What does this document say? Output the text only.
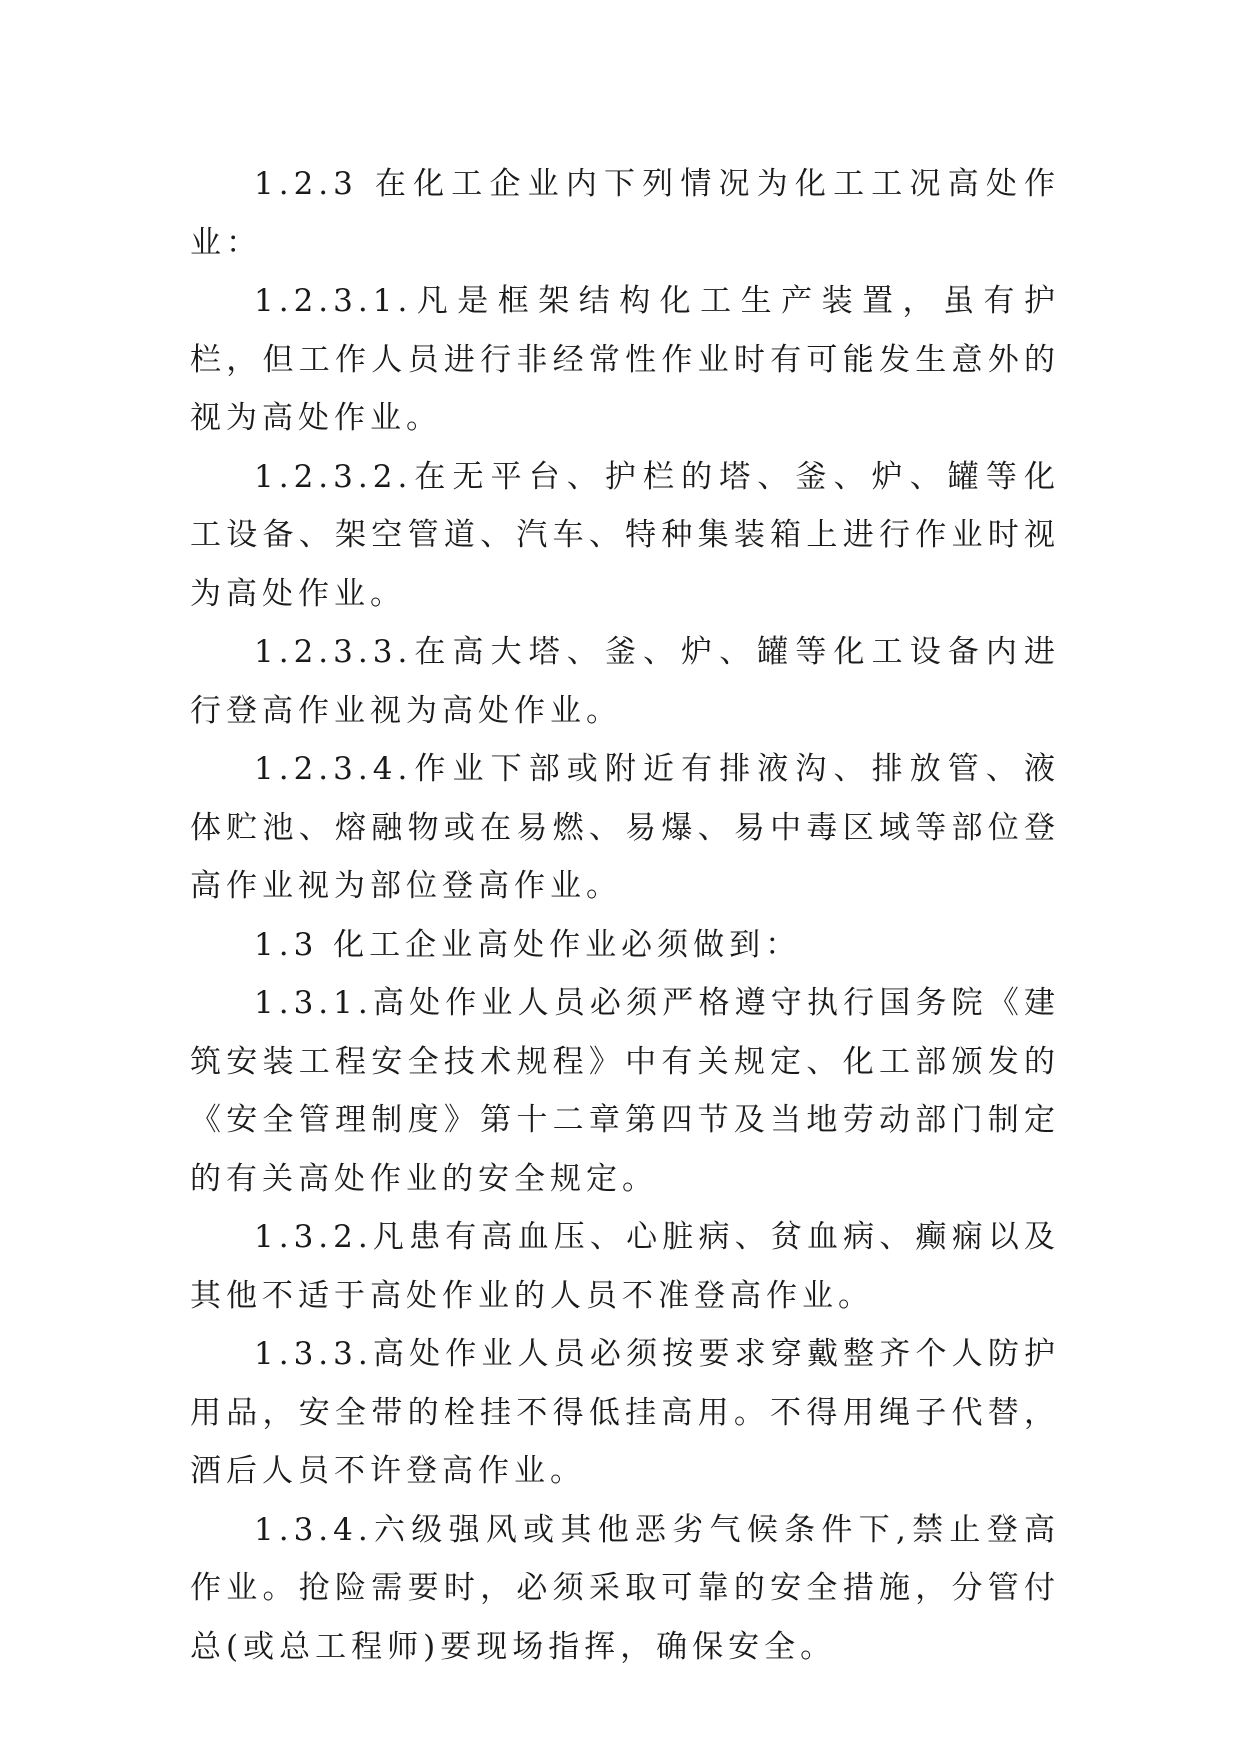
1.2.3 在化工企业内下列情况为化工工况高处作业：

1.2.3.1.凡是框架结构化工生产装置，虽有护栏，但工作人员进行非经常性作业时有可能发生意外的视为高处作业。

1.2.3.2.在无平台、护栏的塔、釜、炉、罐等化工设备、架空管道、汽车、特种集装箱上进行作业时视为高处作业。

1.2.3.3.在高大塔、釜、炉、罐等化工设备内进行登高作业视为高处作业。

1.2.3.4.作业下部或附近有排液沟、排放管、液体贮池、熔融物或在易燃、易爆、易中毒区域等部位登高作业视为部位登高作业。

1.3 化工企业高处作业必须做到：

1.3.1.高处作业人员必须严格遵守执行国务院《建筑安装工程安全技术规程》中有关规定、化工部颁发的《安全管理制度》第十二章第四节及当地劳动部门制定的有关高处作业的安全规定。

1.3.2.凡患有高血压、心脏病、贫血病、癫痫以及其他不适于高处作业的人员不准登高作业。

1.3.3.高处作业人员必须按要求穿戴整齐个人防护用品，安全带的栓挂不得低挂高用。不得用绳子代替，酒后人员不许登高作业。

1.3.4.六级强风或其他恶劣气候条件下,禁止登高作业。抢险需要时，必须采取可靠的安全措施，分管付总(或总工程师)要现场指挥，确保安全。
